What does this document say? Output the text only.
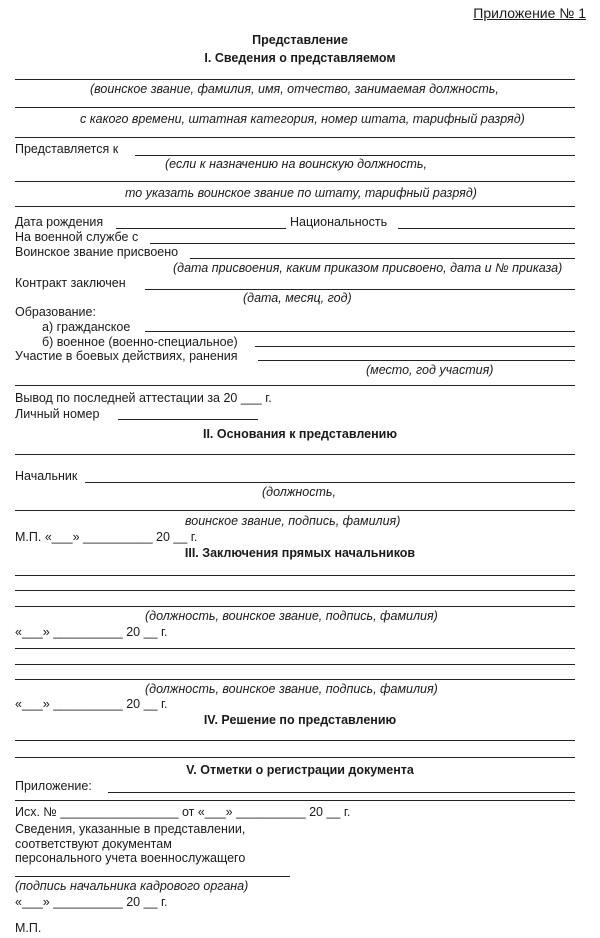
Приложение № 1
Представление
I. Сведения о представляемом
(воинское звание, фамилия, имя, отчество, занимаемая должность,
с какого времени, штатная категория, номер штата, тарифный разряд)
Представляется к
(если к назначению на воинскую должность,
то указать воинское звание по штату, тарифный разряд)
Дата рождения	Национальность
На военной службе с
Воинское звание присвоено
(дата присвоения, каким приказом присвоено, дата и № приказа)
Контракт заключен
(дата, месяц, год)
Образование:
а) гражданское
б) военное (военно-специальное)
Участие в боевых действиях, ранения
(место, год участия)
Вывод по последней аттестации за 20 ___ г.
Личный номер
II. Основания к представлению
Начальник
(должность,
воинское звание, подпись, фамилия)
М.П. «___» __________ 20 __ г.
III. Заключения прямых начальников
(должность, воинское звание, подпись, фамилия)
«___» __________ 20 __ г.
(должность, воинское звание, подпись, фамилия)
«___» __________ 20 __ г.
IV. Решение по представлению
V. Отметки о регистрации документа
Приложение:
Исх. № _________________ от «___» __________ 20 __ г.
Сведения, указанные в представлении,
соответствуют документам
персонального учета военнослужащего
(подпись начальника кадрового органа)
«___» __________ 20 __ г.
М.П.
